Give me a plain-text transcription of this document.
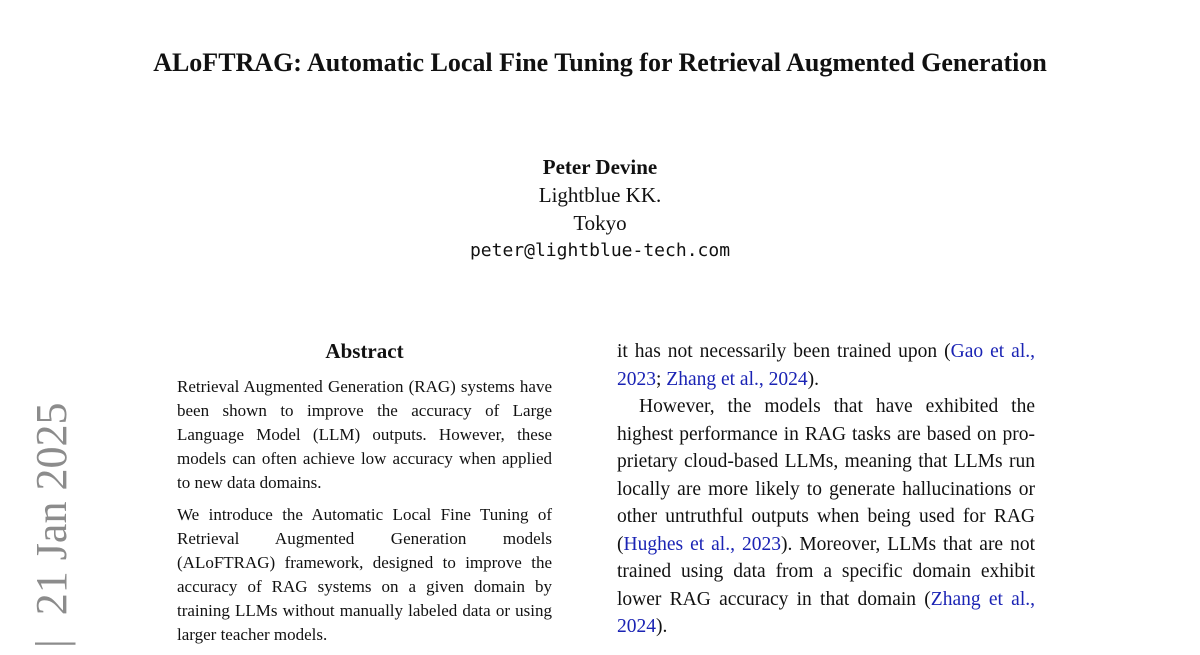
|21 Jan 2025
ALoFTRAG: Automatic Local Fine Tuning for Retrieval Augmented Generation
Peter Devine
Lightblue KK.
Tokyo
peter@lightblue-tech.com
Abstract

Retrieval Augmented Generation (RAG) systems have been shown to improve the accuracy of Large Language Model (LLM) outputs. However, these models can often achieve low accuracy when applied to new data domains.

We introduce the Automatic Local Fine Tuning of Retrieval Augmented Generation models (ALoFTRAG) framework, designed to improve the accuracy of RAG systems on a given domain by training LLMs without manually labeled data or using larger teacher models.

it has not necessarily been trained upon (Gao et al., 2023; Zhang et al., 2024).

However, the models that have exhibited the highest performance in RAG tasks are based on proprietary cloud-based LLMs, meaning that LLMs run locally are more likely to generate hallucinations or other untruthful outputs when being used for RAG (Hughes et al., 2023). Moreover, LLMs that are not trained using data from a specific domain exhibit lower RAG accuracy in that domain (Zhang et al., 2024).
